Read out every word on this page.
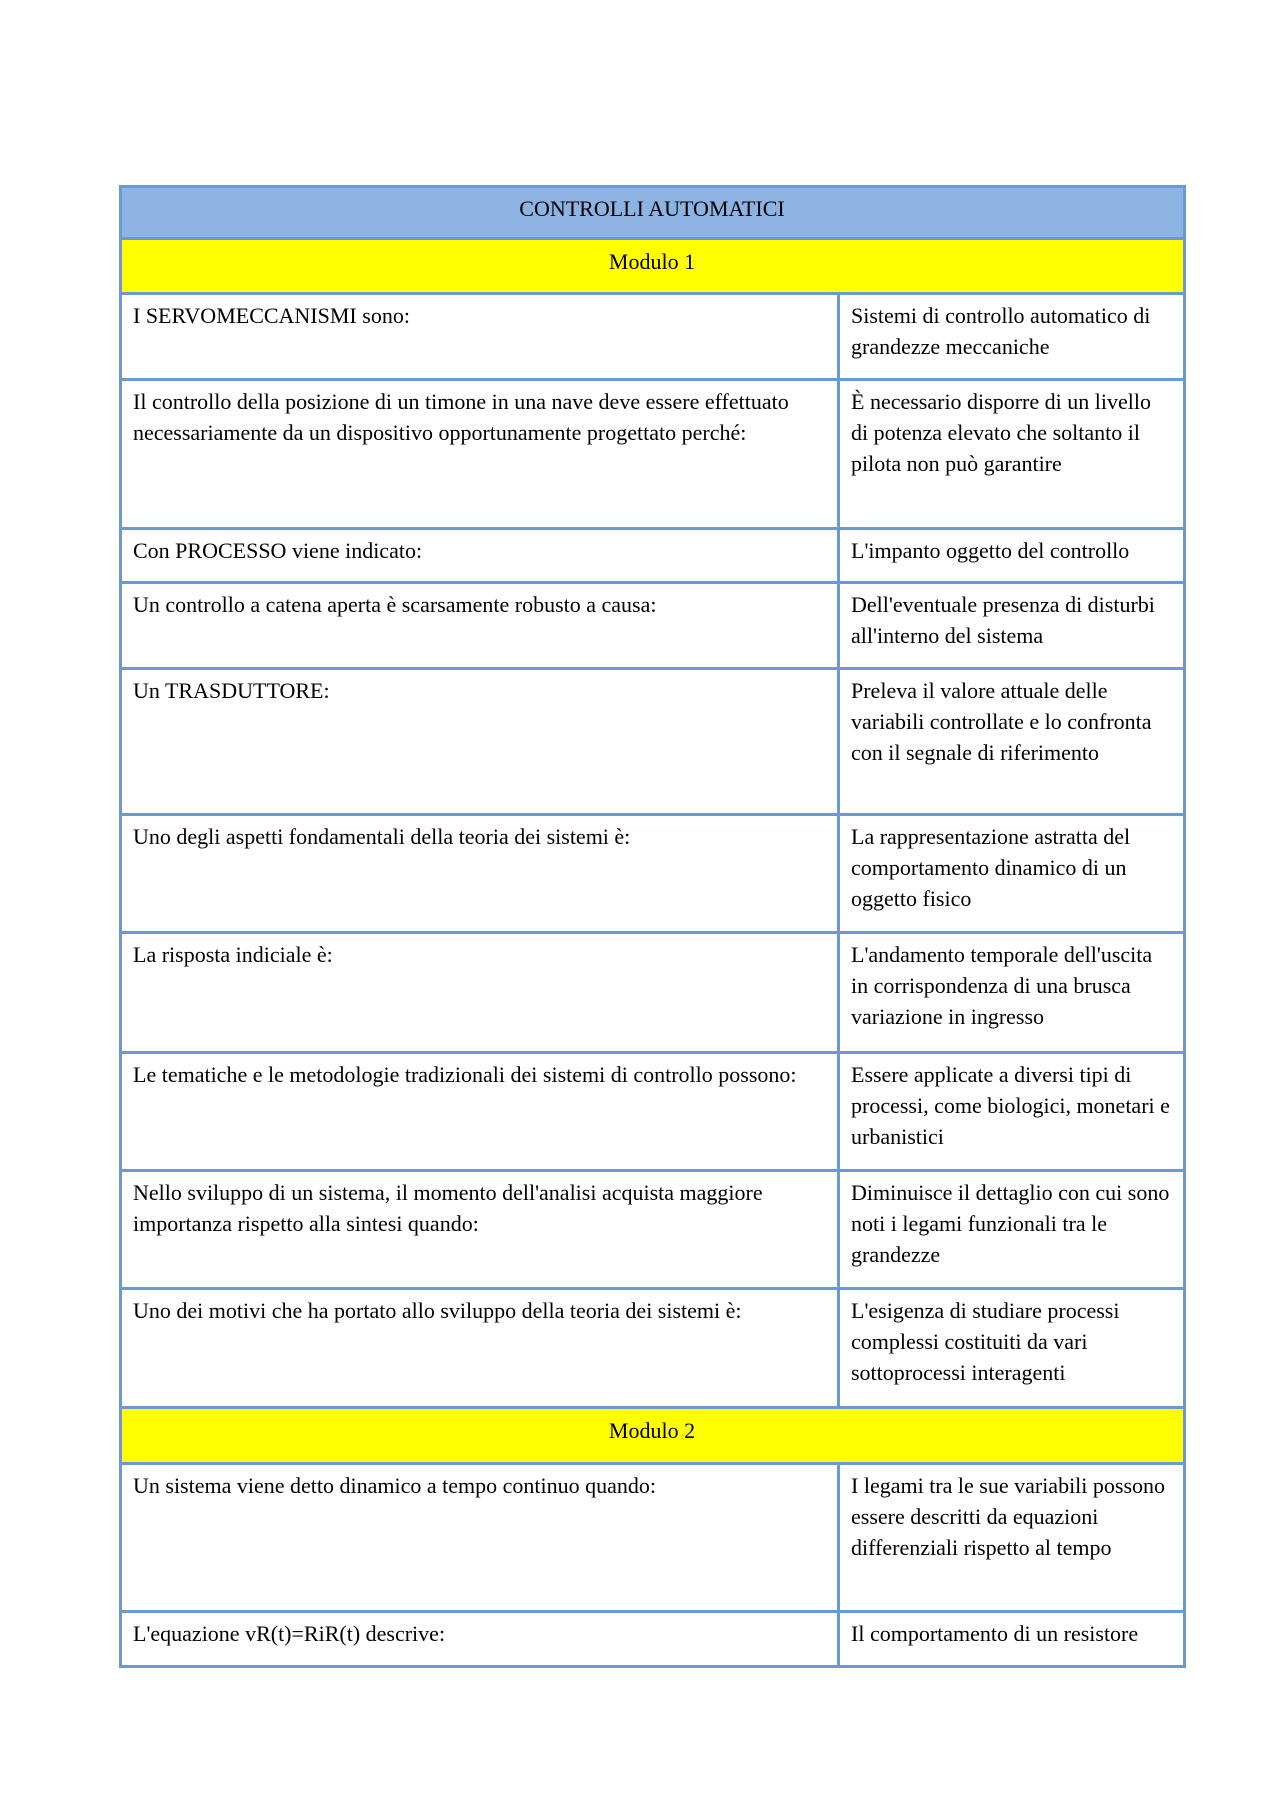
CONTROLLI AUTOMATICI	
Modulo 1	
I SERVOMECCANISMI sono:	Sistemi di controllo automatico di grandezze meccaniche
Il controllo della posizione di un timone in una nave deve essere effettuato necessariamente da un dispositivo opportunamente progettato perché:	È necessario disporre di un livello di potenza elevato che soltanto il pilota non può garantire
Con PROCESSO viene indicato:	L'impanto oggetto del controllo
Un controllo a catena aperta è scarsamente robusto a causa:	Dell'eventuale presenza di disturbi all'interno del sistema
Un TRASDUTTORE:	Preleva il valore attuale delle variabili controllate e lo confronta con il segnale di riferimento
Uno degli aspetti fondamentali della teoria dei sistemi è:	La rappresentazione astratta del comportamento dinamico di un oggetto fisico
La risposta indiciale è:	L'andamento temporale dell'uscita in corrispondenza di una brusca variazione in ingresso
Le tematiche e le metodologie tradizionali dei sistemi di controllo possono:	Essere applicate a diversi tipi di processi, come biologici, monetari e urbanistici
Nello sviluppo di un sistema, il momento dell'analisi acquista maggiore importanza rispetto alla sintesi quando:	Diminuisce il dettaglio con cui sono noti i legami funzionali tra le grandezze
Uno dei motivi che ha portato allo sviluppo della teoria dei sistemi è:	L'esigenza di studiare processi complessi costituiti da vari sottoprocessi interagenti
Modulo 2	
Un sistema viene detto dinamico a tempo continuo quando:	I legami tra le sue variabili possono essere descritti da equazioni differenziali rispetto al tempo
L'equazione vR(t)=RiR(t) descrive:	Il comportamento di un resistore
